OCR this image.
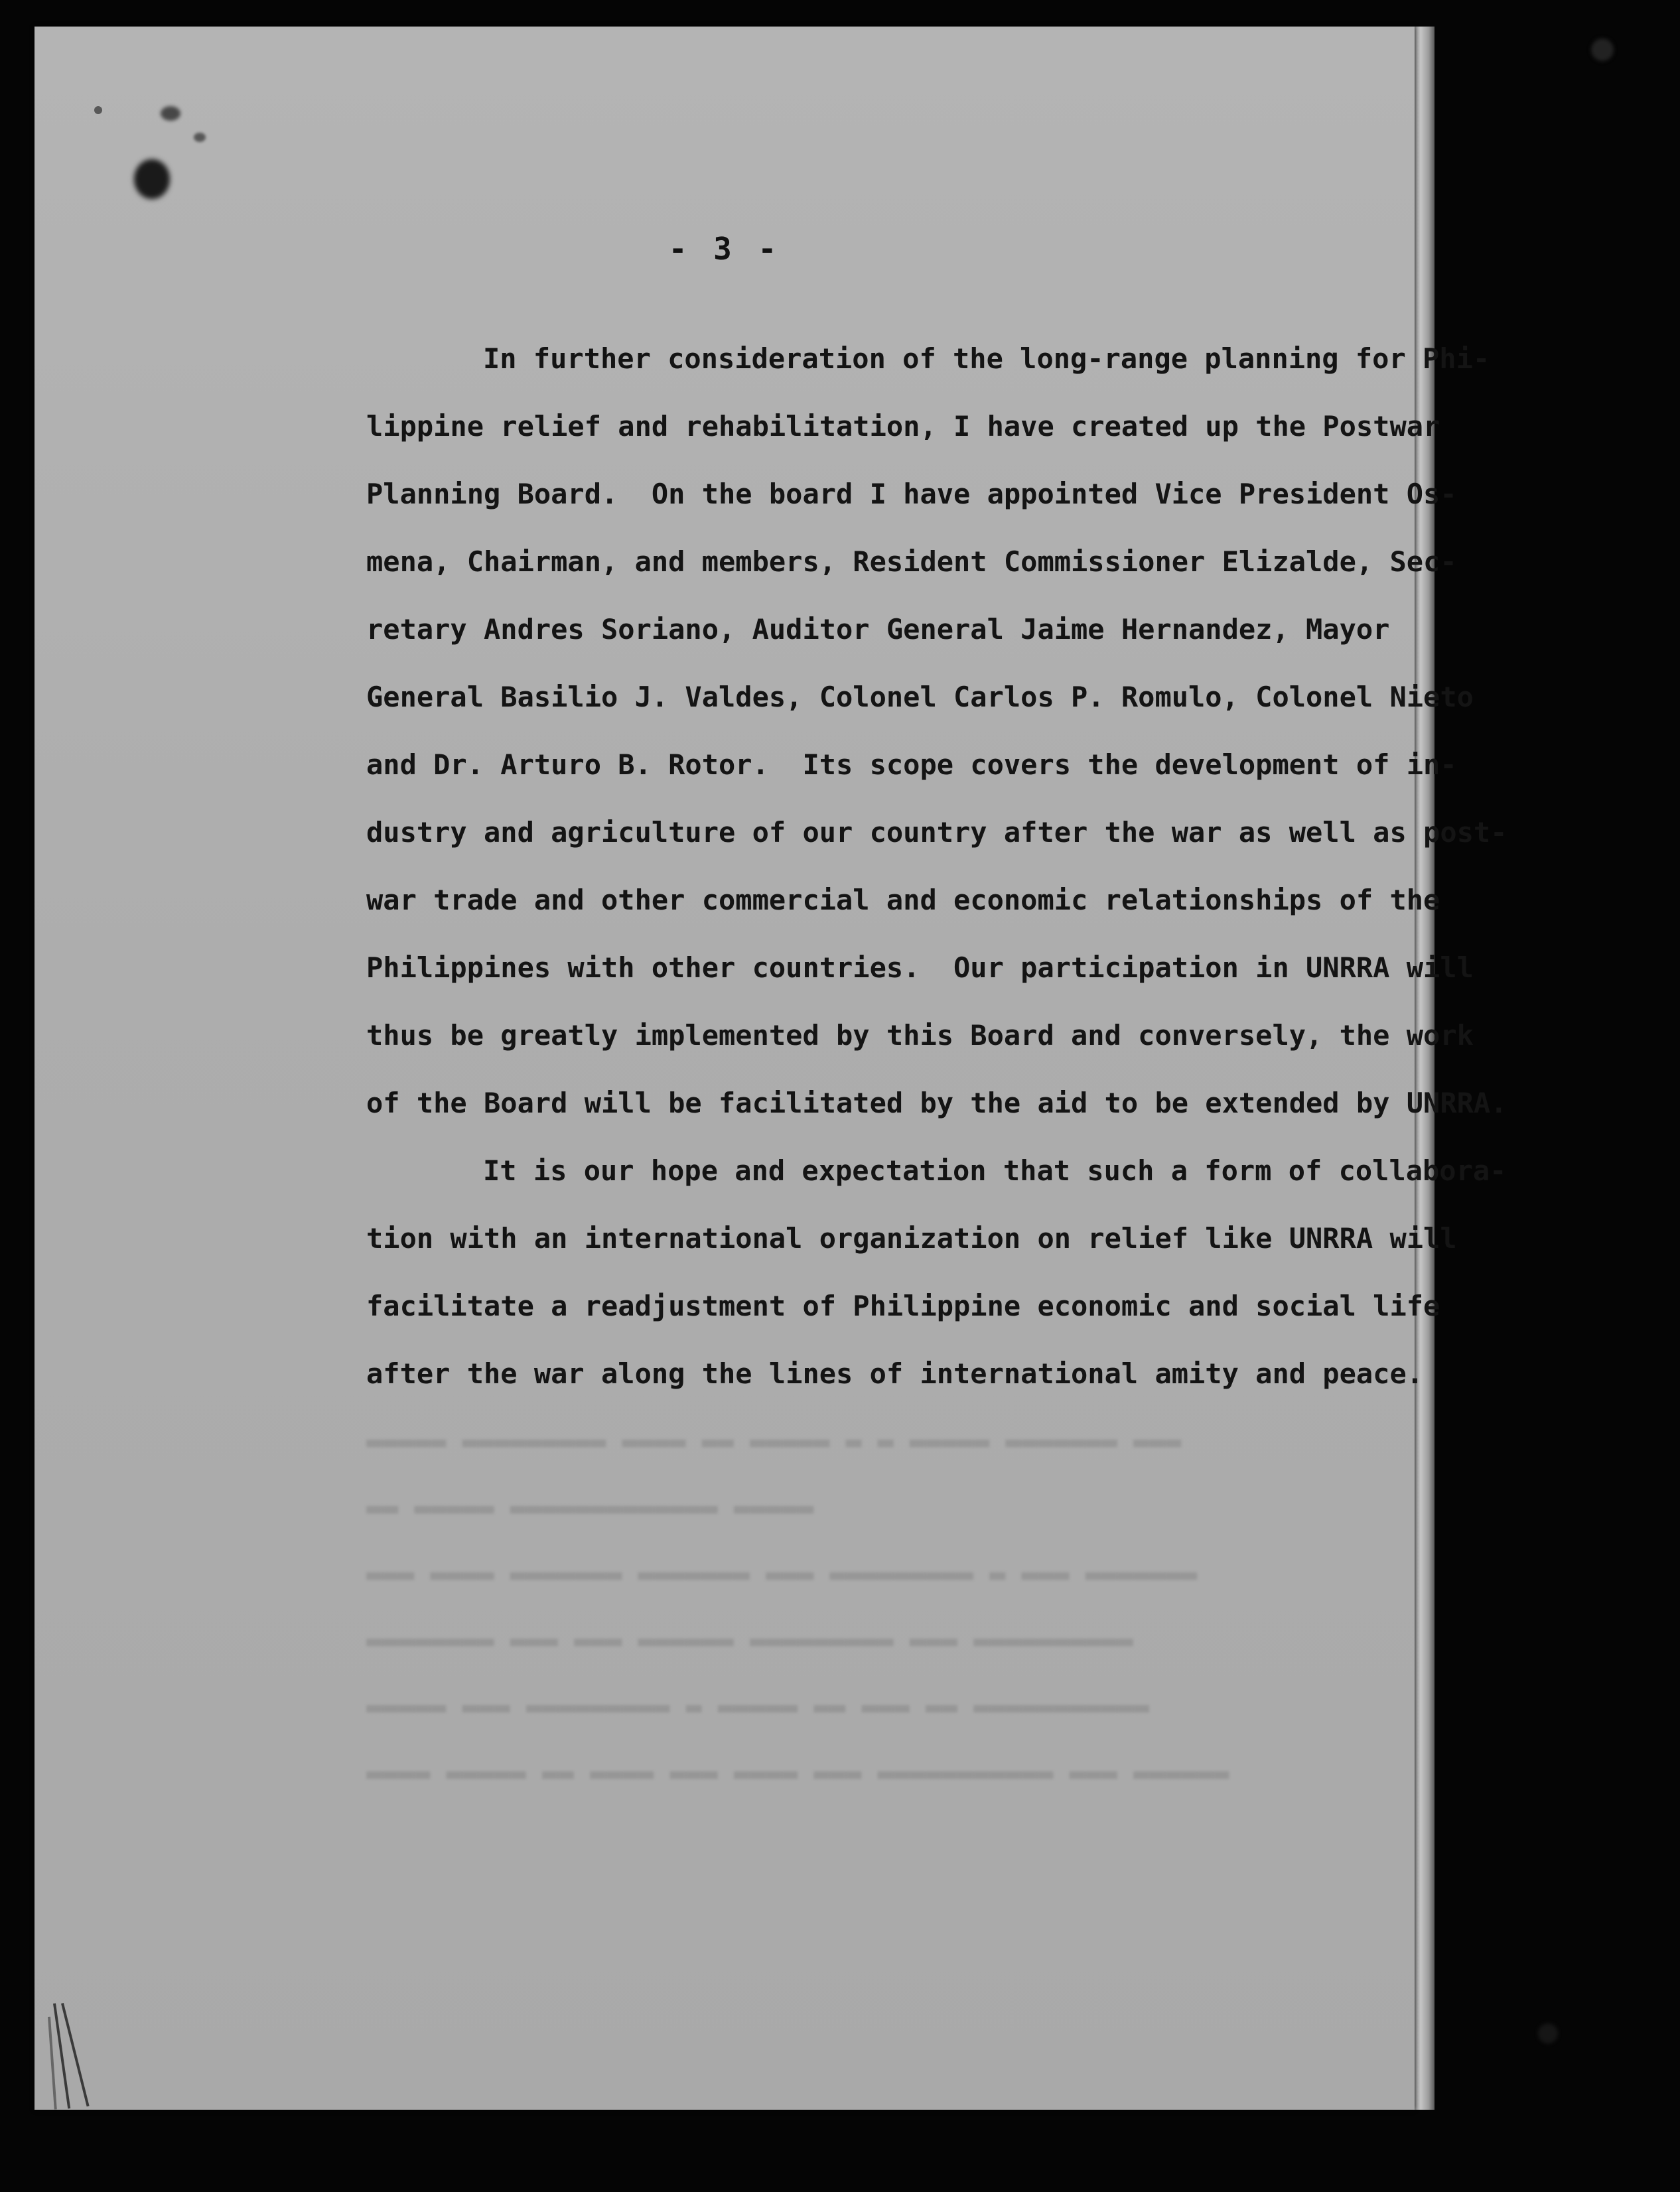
▬▬▬▬▬ ▬▬▬▬▬▬▬▬▬ ▬▬▬▬ ▬▬ ▬▬▬▬▬ ▬ ▬ ▬▬▬▬▬ ▬▬▬▬▬▬▬ ▬▬▬
▬▬ ▬▬▬▬▬ ▬▬▬▬▬▬▬▬▬▬▬▬▬ ▬▬▬▬▬
▬▬▬ ▬▬▬▬ ▬▬▬▬▬▬▬ ▬▬▬▬▬▬▬ ▬▬▬ ▬▬▬▬▬▬▬▬▬ ▬ ▬▬▬ ▬▬▬▬▬▬▬
▬▬▬▬▬▬▬▬ ▬▬▬ ▬▬▬ ▬▬▬▬▬▬ ▬▬▬▬▬▬▬▬▬ ▬▬▬ ▬▬▬▬▬▬▬▬▬▬
▬▬▬▬▬ ▬▬▬ ▬▬▬▬▬▬▬▬▬ ▬ ▬▬▬▬▬ ▬▬ ▬▬▬ ▬▬ ▬▬▬▬▬▬▬▬▬▬▬
▬▬▬▬ ▬▬▬▬▬ ▬▬ ▬▬▬▬ ▬▬▬ ▬▬▬▬ ▬▬▬ ▬▬▬▬▬▬▬▬▬▬▬ ▬▬▬ ▬▬▬▬▬▬
- 3 -
In further consideration of the long-range planning for Phi-
lippine relief and rehabilitation, I have created up the Postwar
Planning Board.  On the board I have appointed Vice President Os-
mena, Chairman, and members, Resident Commissioner Elizalde, Sec-
retary Andres Soriano, Auditor General Jaime Hernandez, Mayor
General Basilio J. Valdes, Colonel Carlos P. Romulo, Colonel Nieto
and Dr. Arturo B. Rotor.  Its scope covers the development of in-
dustry and agriculture of our country after the war as well as post-
war trade and other commercial and economic relationships of the
Philippines with other countries.  Our participation in UNRRA will
thus be greatly implemented by this Board and conversely, the work
of the Board will be facilitated by the aid to be extended by UNRRA.
It is our hope and expectation that such a form of collabora-
tion with an international organization on relief like UNRRA will
facilitate a readjustment of Philippine economic and social life
after the war along the lines of international amity and peace.
